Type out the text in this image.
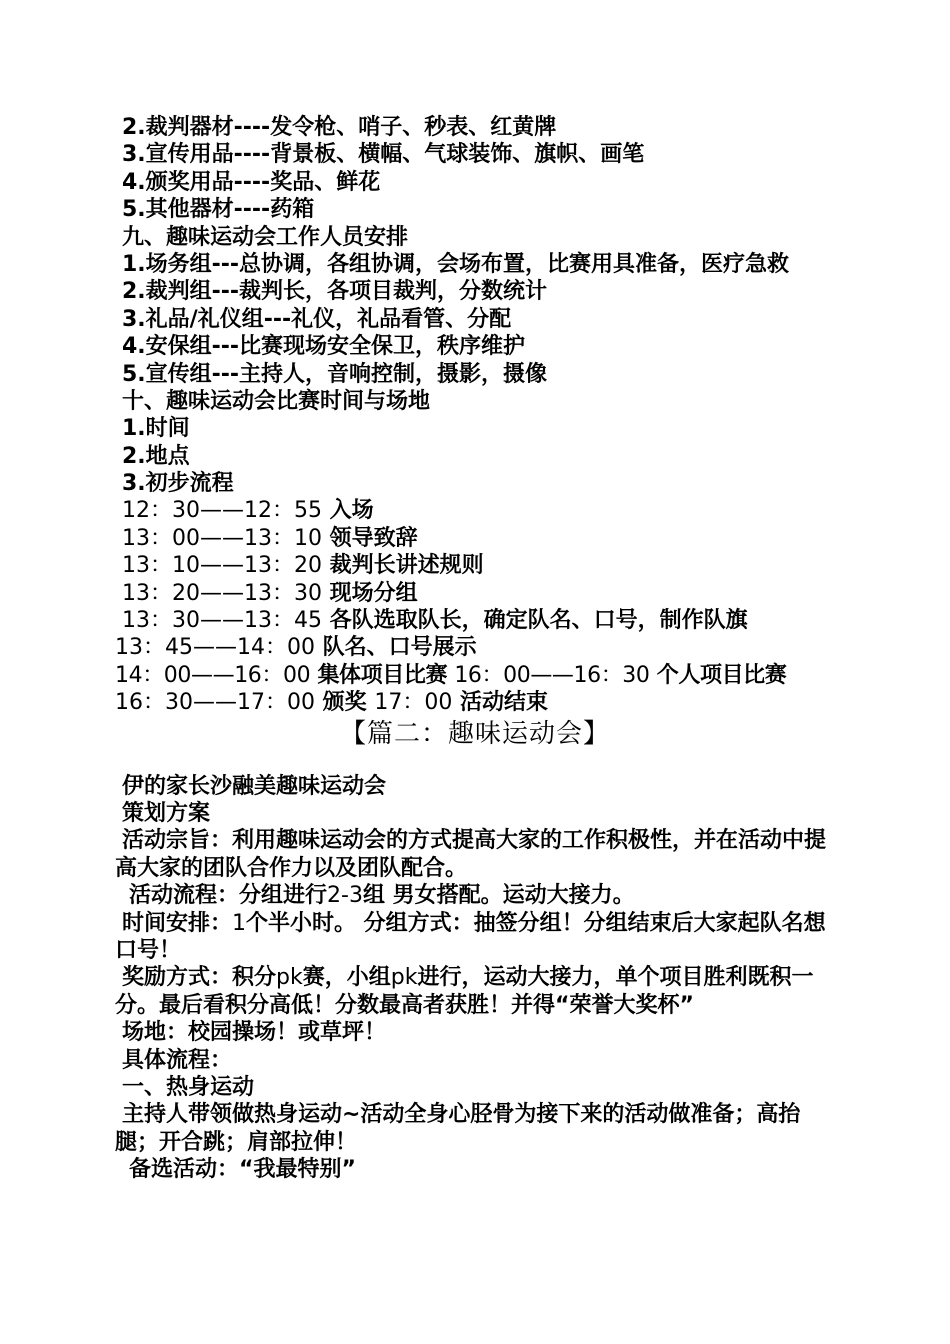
2.裁判器材----发令枪、哨子、秒表、红黄牌
3.宣传用品----背景板、横幅、气球装饰、旗帜、画笔
4.颁奖用品----奖品、鲜花
5.其他器材----药箱
九、趣味运动会工作人员安排
1.场务组---总协调，各组协调，会场布置，比赛用具准备，医疗急救
2.裁判组---裁判长，各项目裁判，分数统计
3.礼品/礼仪组---礼仪，礼品看管、分配
4.安保组---比赛现场安全保卫，秩序维护
5.宣传组---主持人，音响控制，摄影，摄像
十、趣味运动会比赛时间与场地
1.时间
2.地点
3.初步流程
12：30——12：55 入场
13：00——13：10 领导致辞
13：10——13：20 裁判长讲述规则
13：20——13：30 现场分组
13：30——13：45 各队选取队长，确定队名、口号，制作队旗
13：45——14：00 队名、口号展示
14：00——16：00 集体项目比赛 16：00——16：30 个人项目比赛
16：30——17：00 颁奖 17：00 活动结束
【篇二：趣味运动会】
伊的家长沙融美趣味运动会
策划方案
活动宗旨：利用趣味运动会的方式提高大家的工作积极性，并在活动中提高大家的团队合作力以及团队配合。
活动流程：分组进行2-3组 男女搭配。运动大接力。
时间安排：1个半小时。 分组方式：抽签分组！分组结束后大家起队名想口号！
奖励方式：积分pk赛，小组pk进行，运动大接力，单个项目胜利既积一分。最后看积分高低！分数最高者获胜！并得“荣誉大奖杯”
场地：校园操场！或草坪！
具体流程：
一、热身运动
主持人带领做热身运动~活动全身心胫骨为接下来的活动做准备；高抬腿；开合跳；肩部拉伸！
备选活动：“我最特别”
